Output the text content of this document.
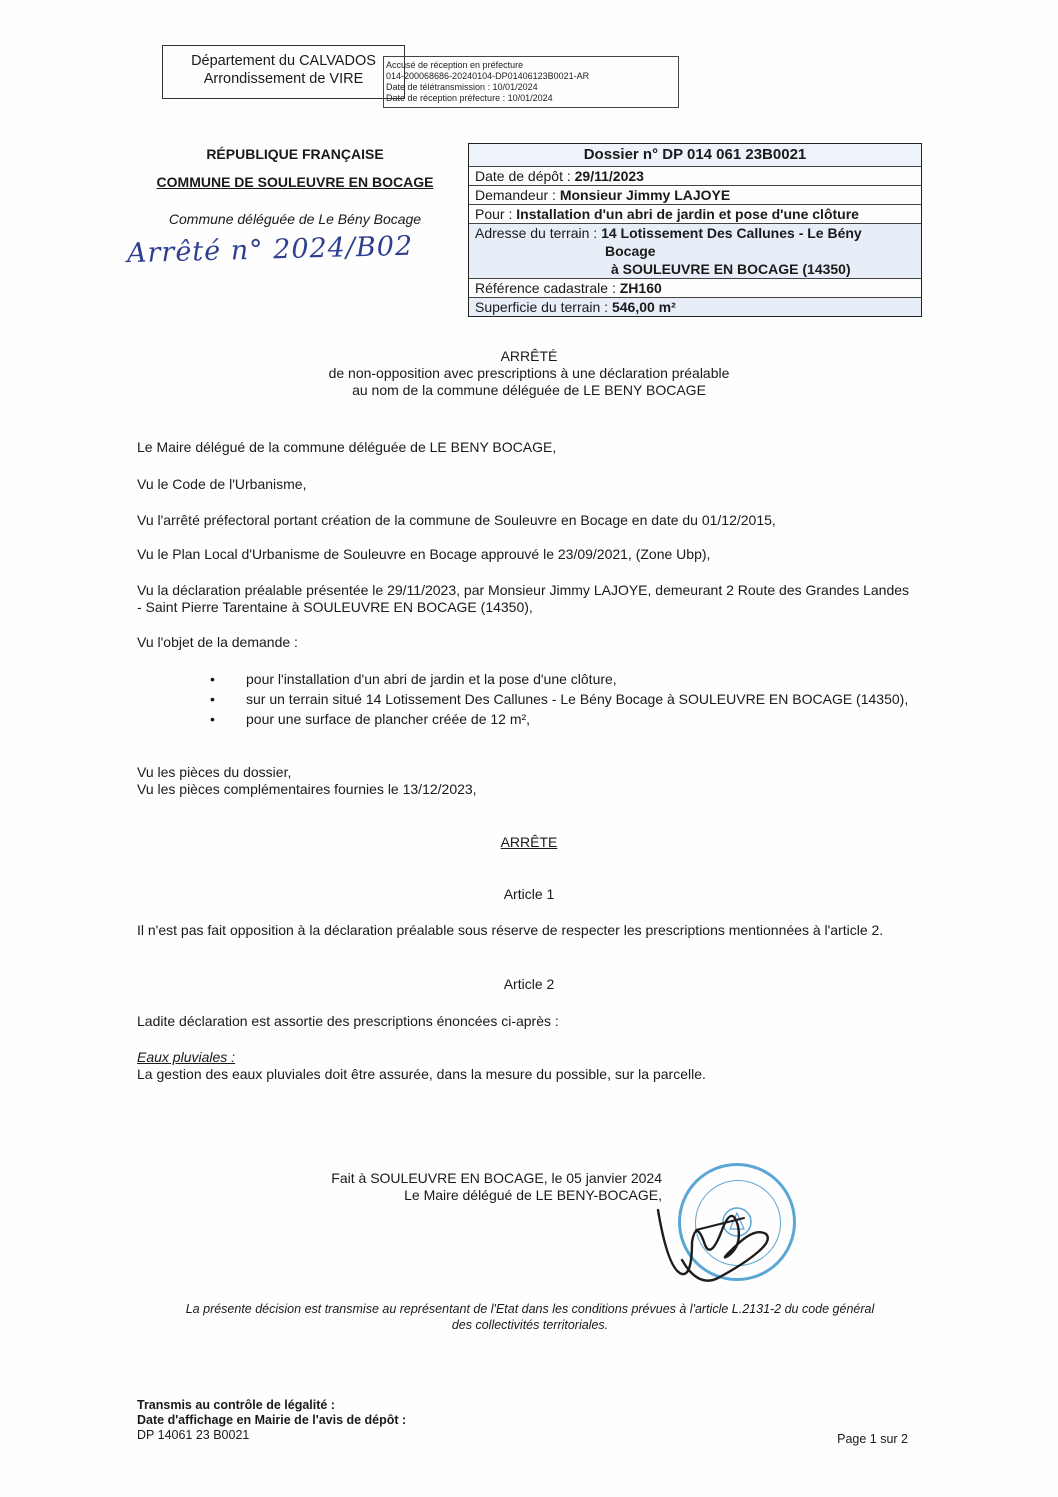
Département du CALVADOS
Arrondissement de VIRE
Accusé de réception en préfecture
014-200068686-20240104-DP01406123B0021-AR
Date de télétransmission : 10/01/2024
Date de réception préfecture : 10/01/2024
RÉPUBLIQUE FRANÇAISE
COMMUNE DE SOULEUVRE EN BOCAGE
Commune déléguée de Le Bény Bocage
Arrêté n° 2024/B02
Dossier n° DP 014 061 23B0021
Date de dépôt : 29/11/2023
Demandeur : Monsieur Jimmy LAJOYE
Pour : Installation d'un abri de jardin et pose d'une clôture
Adresse du terrain : 14 Lotissement Des Callunes - Le Bény
Bocage
à SOULEUVRE EN BOCAGE (14350)
Référence cadastrale : ZH160
Superficie du terrain : 546,00 m²
ARRÊTÉ
de non-opposition avec prescriptions à une déclaration préalable
au nom de la commune déléguée de LE BENY BOCAGE
Le Maire délégué de la commune déléguée de LE BENY BOCAGE,
Vu le Code de l'Urbanisme,
Vu l'arrêté préfectoral portant création de la commune de Souleuvre en Bocage en date du 01/12/2015,
Vu le Plan Local d'Urbanisme de Souleuvre en Bocage approuvé le 23/09/2021, (Zone Ubp),
Vu la déclaration préalable présentée le 29/11/2023, par Monsieur Jimmy LAJOYE, demeurant 2 Route des Grandes Landes - Saint Pierre Tarentaine à SOULEUVRE EN BOCAGE (14350),
Vu l'objet de la demande :
• pour l'installation d'un abri de jardin et la pose d'une clôture,
• sur un terrain situé 14 Lotissement Des Callunes - Le Bény Bocage à SOULEUVRE EN BOCAGE (14350),
• pour une surface de plancher créée de 12 m²,
Vu les pièces du dossier,
Vu les pièces complémentaires fournies le 13/12/2023,
ARRÊTE
Article 1
Il n'est pas fait opposition à la déclaration préalable sous réserve de respecter les prescriptions mentionnées à l'article 2.
Article 2
Ladite déclaration est assortie des prescriptions énoncées ci-après :
Eaux pluviales :
La gestion des eaux pluviales doit être assurée, dans la mesure du possible, sur la parcelle.
Fait à SOULEUVRE EN BOCAGE, le 05 janvier 2024
Le Maire délégué de LE BENY-BOCAGE,
La présente décision est transmise au représentant de l'Etat dans les conditions prévues à l'article L.2131-2 du code général
des collectivités territoriales.
Transmis au contrôle de légalité :
Date d'affichage en Mairie de l'avis de dépôt :
DP 14061 23 B0021	Page 1 sur 2
